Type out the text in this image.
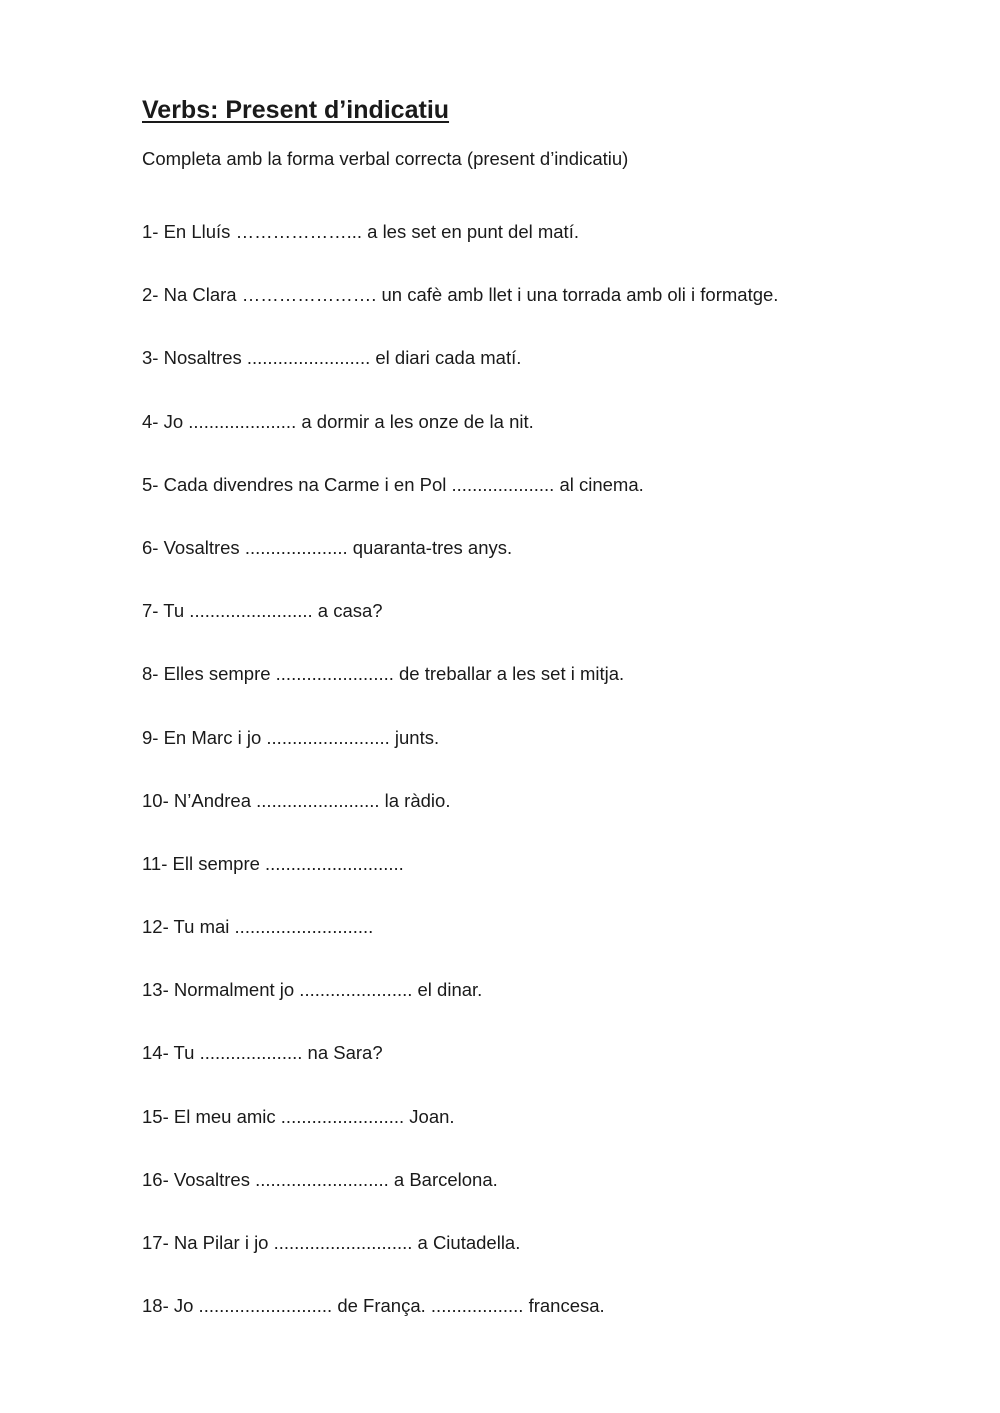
Verbs: Present d’indicatiu

Completa amb la forma verbal correcta (present d’indicatiu)

1- En Lluís ………………... a les set en punt del matí.
2- Na Clara …………………. un cafè amb llet i una torrada amb oli i formatge.
3- Nosaltres ........................ el diari cada matí.
4- Jo ..................... a dormir a les onze de la nit.
5- Cada divendres na Carme i en Pol .................... al cinema.
6- Vosaltres .................... quaranta-tres anys.
7- Tu ........................ a casa?
8- Elles sempre ....................... de treballar a les set i mitja.
9- En Marc i jo ........................ junts.
10- N’Andrea ........................ la ràdio.
11- Ell sempre ...........................
12- Tu mai ...........................
13- Normalment jo ...................... el dinar.
14- Tu .................... na Sara?
15- El meu amic ........................ Joan.
16- Vosaltres .......................... a Barcelona.
17- Na Pilar i jo ........................... a Ciutadella.
18- Jo .......................... de França. .................. francesa.
